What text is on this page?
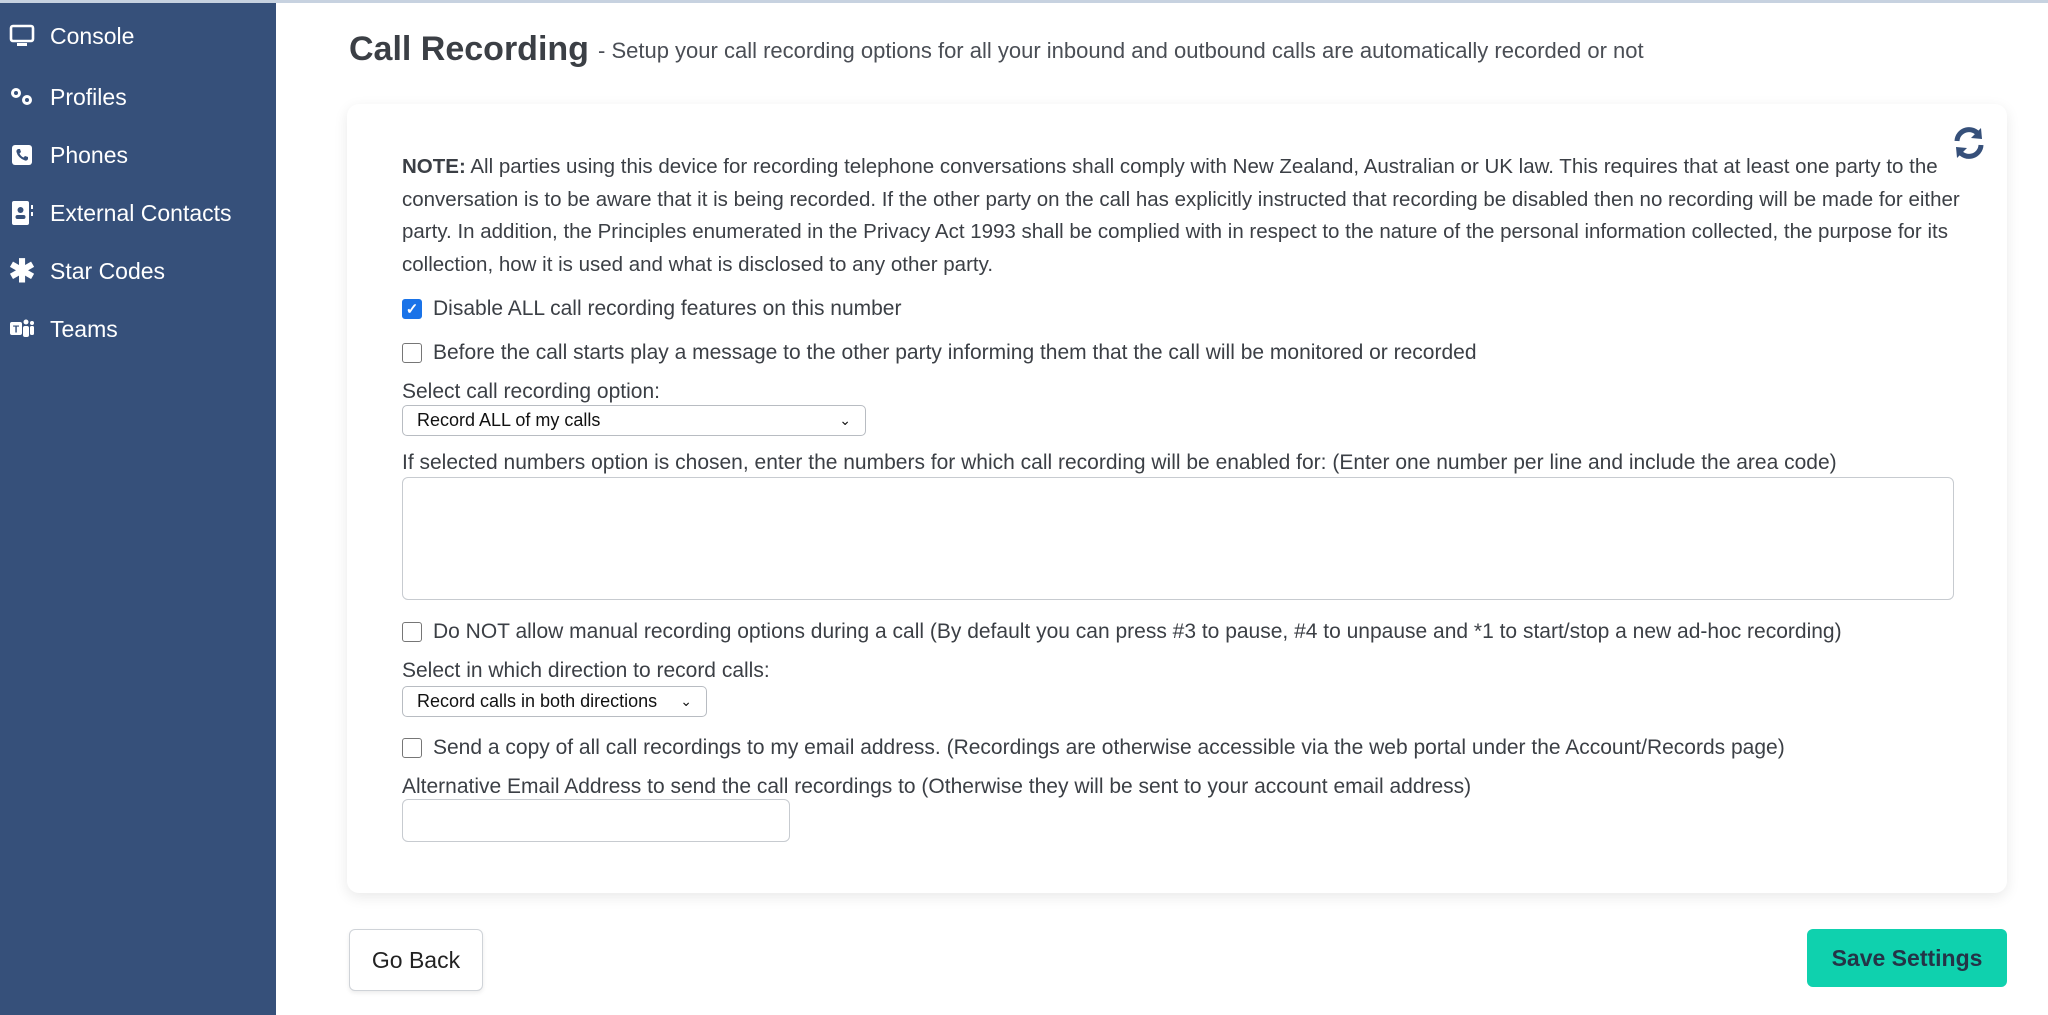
Console
Profiles
Phones
External Contacts
✱ Star Codes
T Teams
Call Recording - Setup your call recording options for all your inbound and outbound calls are automatically recorded or not

NOTE: All parties using this device for recording telephone conversations shall comply with New Zealand, Australian or UK law. This requires that at least one party to the conversation is to be aware that it is being recorded. If the other party on the call has explicitly instructed that recording be disabled then no recording will be made for either party. In addition, the Principles enumerated in the Privacy Act 1993 shall be complied with in respect to the nature of the personal information collected, the purpose for its collection, how it is used and what is disclosed to any other party.

✓ Disable ALL call recording features on this number
Before the call starts play a message to the other party informing them that the call will be monitored or recorded
Select call recording option:
Record ALL of my calls	⌄
If selected numbers option is chosen, enter the numbers for which call recording will be enabled for: (Enter one number per line and include the area code)
Do NOT allow manual recording options during a call (By default you can press #3 to pause, #4 to unpause and *1 to start/stop a new ad-hoc recording)
Select in which direction to record calls:
Record calls in both directions ⌄
Send a copy of all call recordings to my email address. (Recordings are otherwise accessible via the web portal under the Account/Records page)
Alternative Email Address to send the call recordings to (Otherwise they will be sent to your account email address)
Go Back	Save Settings
